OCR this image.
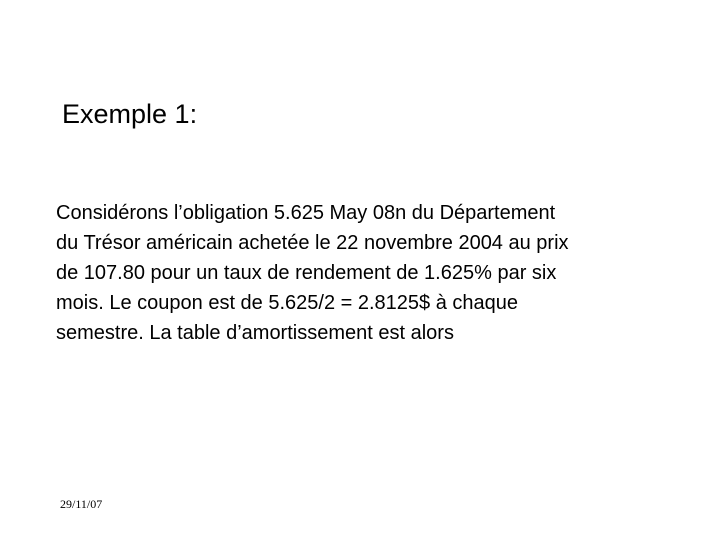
Exemple 1:

Considérons l’obligation 5.625 May 08n du Département
du Trésor américain achetée le 22 novembre 2004 au prix
de 107.80 pour un taux de rendement de 1.625% par six
mois. Le coupon est de 5.625/2 = 2.8125$ à chaque
semestre. La table d’amortissement est alors

29/11/07
